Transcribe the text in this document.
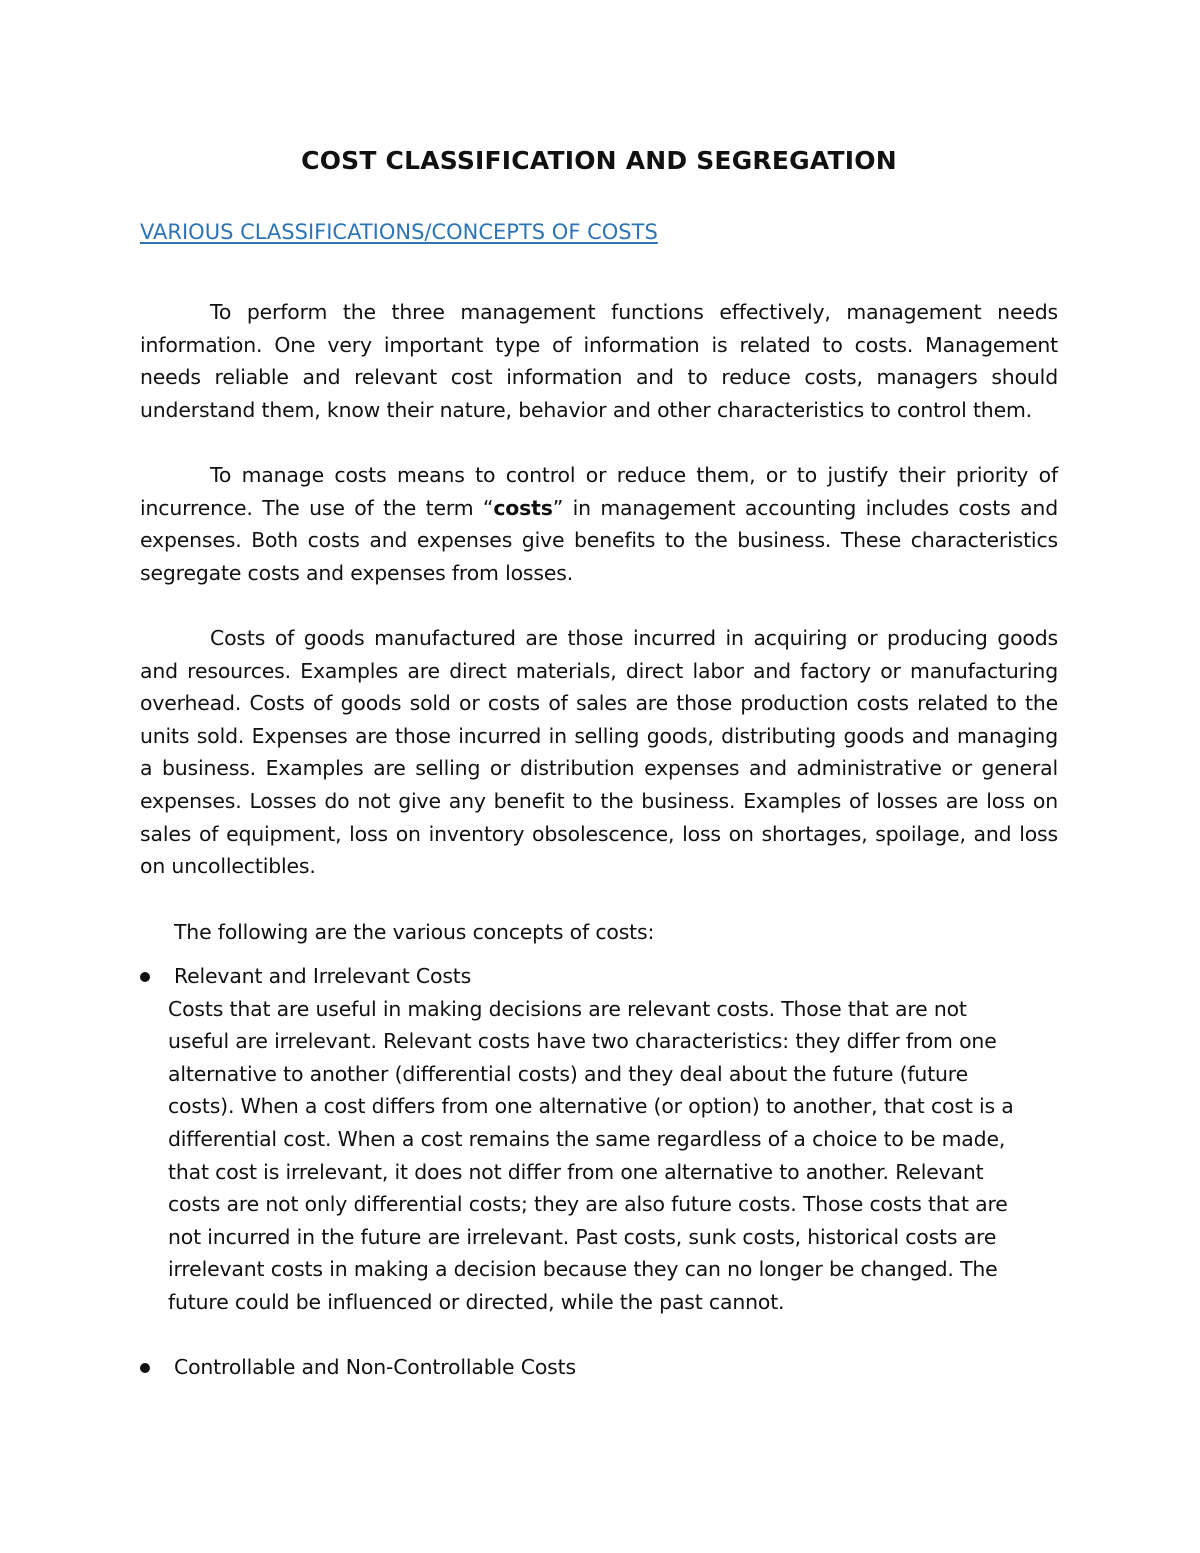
COST CLASSIFICATION AND SEGREGATION
VARIOUS CLASSIFICATIONS/CONCEPTS OF COSTS

To perform the three management functions effectively, management needs information. One very important type of information is related to costs. Management needs reliable and relevant cost information and to reduce costs, managers should understand them, know their nature, behavior and other characteristics to control them.

To manage costs means to control or reduce them, or to justify their priority of incurrence. The use of the term “costs” in management accounting includes costs and expenses. Both costs and expenses give benefits to the business. These characteristics segregate costs and expenses from losses.

Costs of goods manufactured are those incurred in acquiring or producing goods and resources. Examples are direct materials, direct labor and factory or manufacturing overhead. Costs of goods sold or costs of sales are those production costs related to the units sold. Expenses are those incurred in selling goods, distributing goods and managing a business. Examples are selling or distribution expenses and administrative or general expenses. Losses do not give any benefit to the business. Examples of losses are loss on sales of equipment, loss on inventory obsolescence, loss on shortages, spoilage, and loss on uncollectibles.

The following are the various concepts of costs:

Relevant and Irrelevant Costs

Costs that are useful in making decisions are relevant costs. Those that are not useful are irrelevant. Relevant costs have two characteristics: they differ from one alternative to another (differential costs) and they deal about the future (future costs). When a cost differs from one alternative (or option) to another, that cost is a differential cost. When a cost remains the same regardless of a choice to be made, that cost is irrelevant, it does not differ from one alternative to another. Relevant costs are not only differential costs; they are also future costs. Those costs that are not incurred in the future are irrelevant. Past costs, sunk costs, historical costs are irrelevant costs in making a decision because they can no longer be changed. The future could be influenced or directed, while the past cannot.

Controllable and Non-Controllable Costs
